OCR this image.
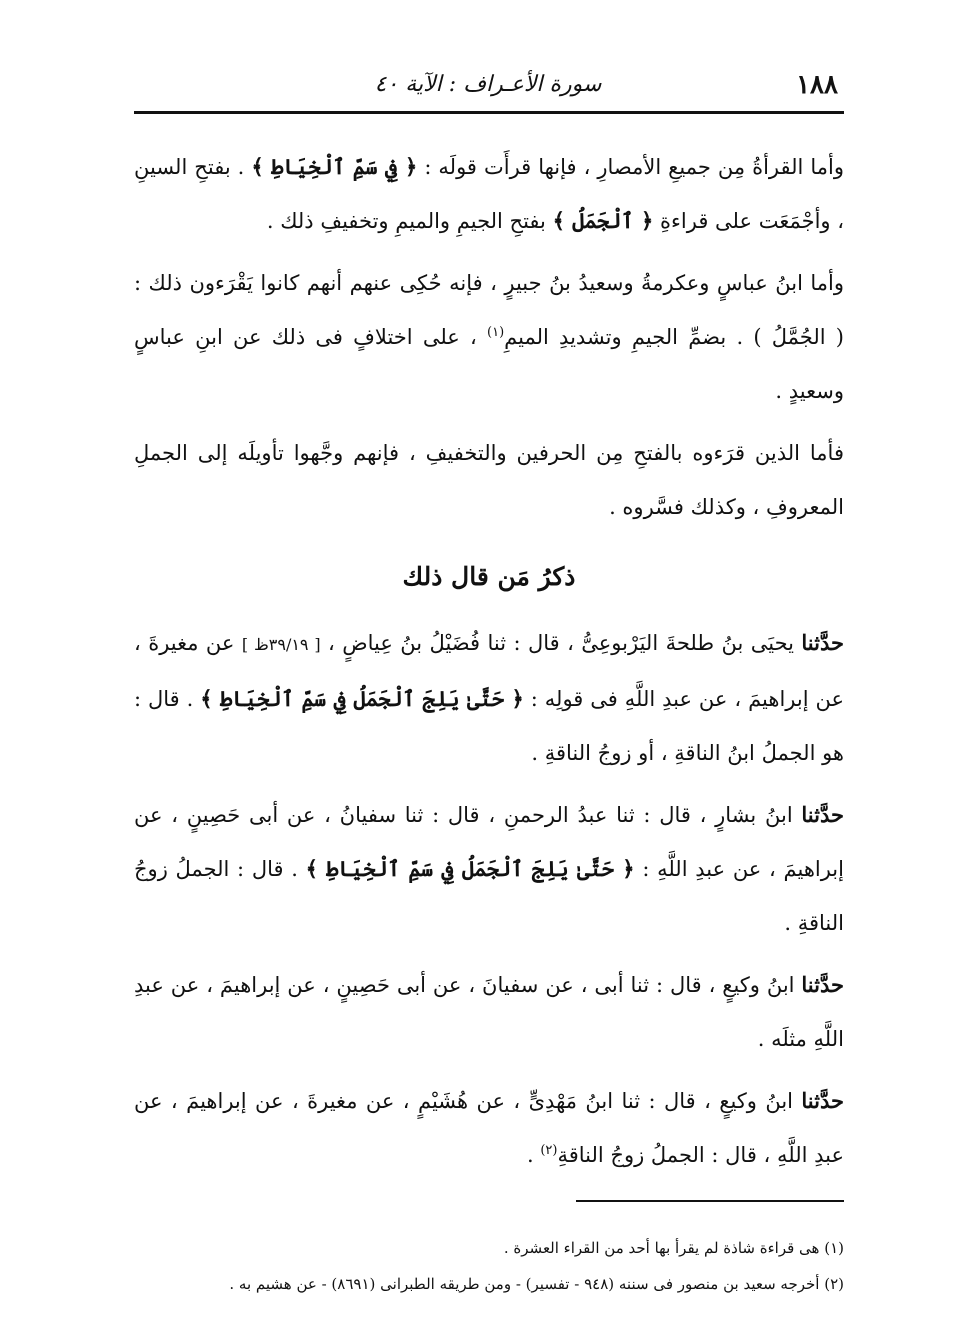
١٨٨
سورة الأعـراف : الآية ٤٠

وأما القرأةُ مِن جميعِ الأمصارِ ، فإنها قرأَت قولَه : ﴿ فِي سَمِّ ٱلْخِيَاطِ ﴾ . بفتحِ السينِ ، وأجْمَعَت على قراءةِ ﴿ ٱلْجَمَلُ ﴾ بفتحِ الجيمِ والميمِ وتخفيفِ ذلك .

وأما ابنُ عباسٍ وعكرمةُ وسعيدُ بنُ جبيرٍ ، فإنه حُكِى عنهم أنهم كانوا يَقْرَءون ذلك : ( الجُمَّلُ ) . بضمِّ الجيمِ وتشديدِ الميمِ$^{(١)}$ ، على اختلافٍ فى ذلك عن ابنِ عباسٍ وسعيدٍ .

فأما الذين قرَءوه بالفتحِ مِن الحرفين والتخفيفِ ، فإنهم وجَّهوا تأويلَه إلى الجملِ المعروفِ ، وكذلك فسَّروه .

ذكرُ مَن قال ذلك

حدَّثنا يحيَى بنُ طلحةَ اليَرْبوعِىُّ ، قال : ثنا فُضَيْلُ بنُ عِياضٍ ، [ ٣٩/١٩ظ ] عن مغيرةَ ، عن إبراهيمَ ، عن عبدِ اللَّهِ فى قولِه : ﴿ حَتَّىٰ يَلِجَ ٱلْجَمَلُ فِي سَمِّ ٱلْخِيَاطِ ﴾ . قال : هو الجملُ ابنُ الناقةِ ، أو زوجُ الناقةِ .

حدَّثنا ابنُ بشارٍ ، قال : ثنا عبدُ الرحمنِ ، قال : ثنا سفيانُ ، عن أبى حَصِينٍ ، عن إبراهيمَ ، عن عبدِ اللَّهِ : ﴿ حَتَّىٰ يَلِجَ ٱلْجَمَلُ فِي سَمِّ ٱلْخِيَاطِ ﴾ . قال : الجملُ زوجُ الناقةِ .

حدَّثنا ابنُ وكيعٍ ، قال : ثنا أبى ، عن سفيانَ ، عن أبى حَصِينٍ ، عن إبراهيمَ ، عن عبدِ اللَّهِ مثلَه .

حدَّثنا ابنُ وكيعٍ ، قال : ثنا ابنُ مَهْدِىٍّ ، عن هُشَيْمٍ ، عن مغيرةَ ، عن إبراهيمَ ، عن عبدِ اللَّهِ ، قال : الجملُ زوجُ الناقةِ$^{(٢)}$ .

(١) هى قراءة شاذة لم يقرأ بها أحد من القراء العشرة .

(٢) أخرجه سعيد بن منصور فى سننه (٩٤٨ - تفسير) - ومن طريقه الطبرانى (٨٦٩١) - عن هشيم به .
